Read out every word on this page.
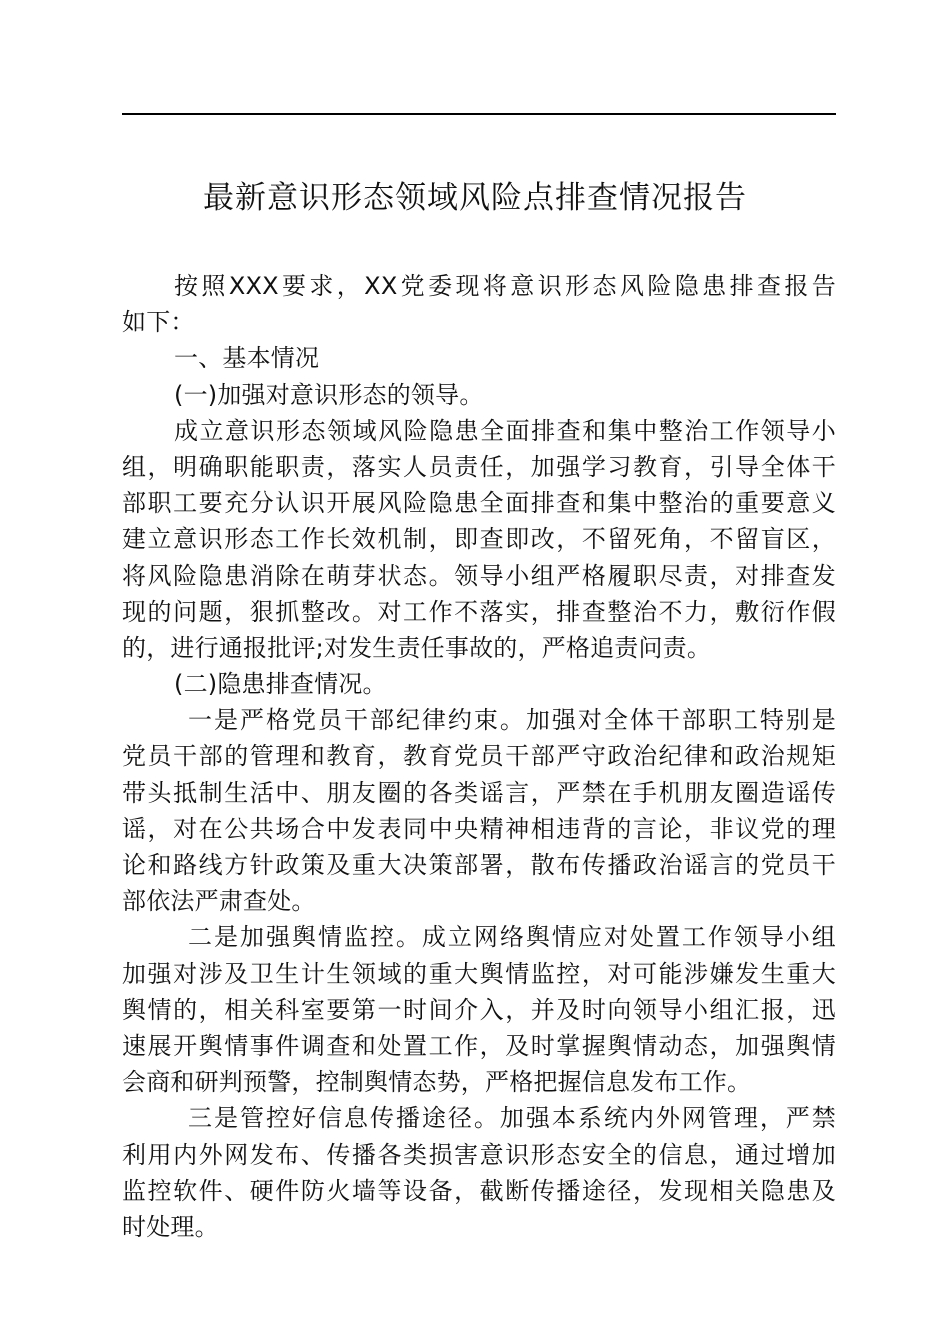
最新意识形态领域风险点排查情况报告
按照XXX要求，XX党委现将意识形态风险隐患排查报告
如下：
一、基本情况
(一)加强对意识形态的领导。
成立意识形态领域风险隐患全面排查和集中整治工作领导小
组，明确职能职责，落实人员责任，加强学习教育，引导全体干
部职工要充分认识开展风险隐患全面排查和集中整治的重要意义
建立意识形态工作长效机制，即查即改，不留死角，不留盲区，
将风险隐患消除在萌芽状态。领导小组严格履职尽责，对排查发
现的问题，狠抓整改。对工作不落实，排查整治不力，敷衍作假
的，进行通报批评;对发生责任事故的，严格追责问责。
(二)隐患排查情况。
一是严格党员干部纪律约束。加强对全体干部职工特别是
党员干部的管理和教育，教育党员干部严守政治纪律和政治规矩
带头抵制生活中、朋友圈的各类谣言，严禁在手机朋友圈造谣传
谣，对在公共场合中发表同中央精神相违背的言论，非议党的理
论和路线方针政策及重大决策部署，散布传播政治谣言的党员干
部依法严肃查处。
二是加强舆情监控。成立网络舆情应对处置工作领导小组
加强对涉及卫生计生领域的重大舆情监控，对可能涉嫌发生重大
舆情的，相关科室要第一时间介入，并及时向领导小组汇报，迅
速展开舆情事件调查和处置工作，及时掌握舆情动态，加强舆情
会商和研判预警，控制舆情态势，严格把握信息发布工作。
三是管控好信息传播途径。加强本系统内外网管理，严禁
利用内外网发布、传播各类损害意识形态安全的信息，通过增加
监控软件、硬件防火墙等设备，截断传播途径，发现相关隐患及
时处理。
